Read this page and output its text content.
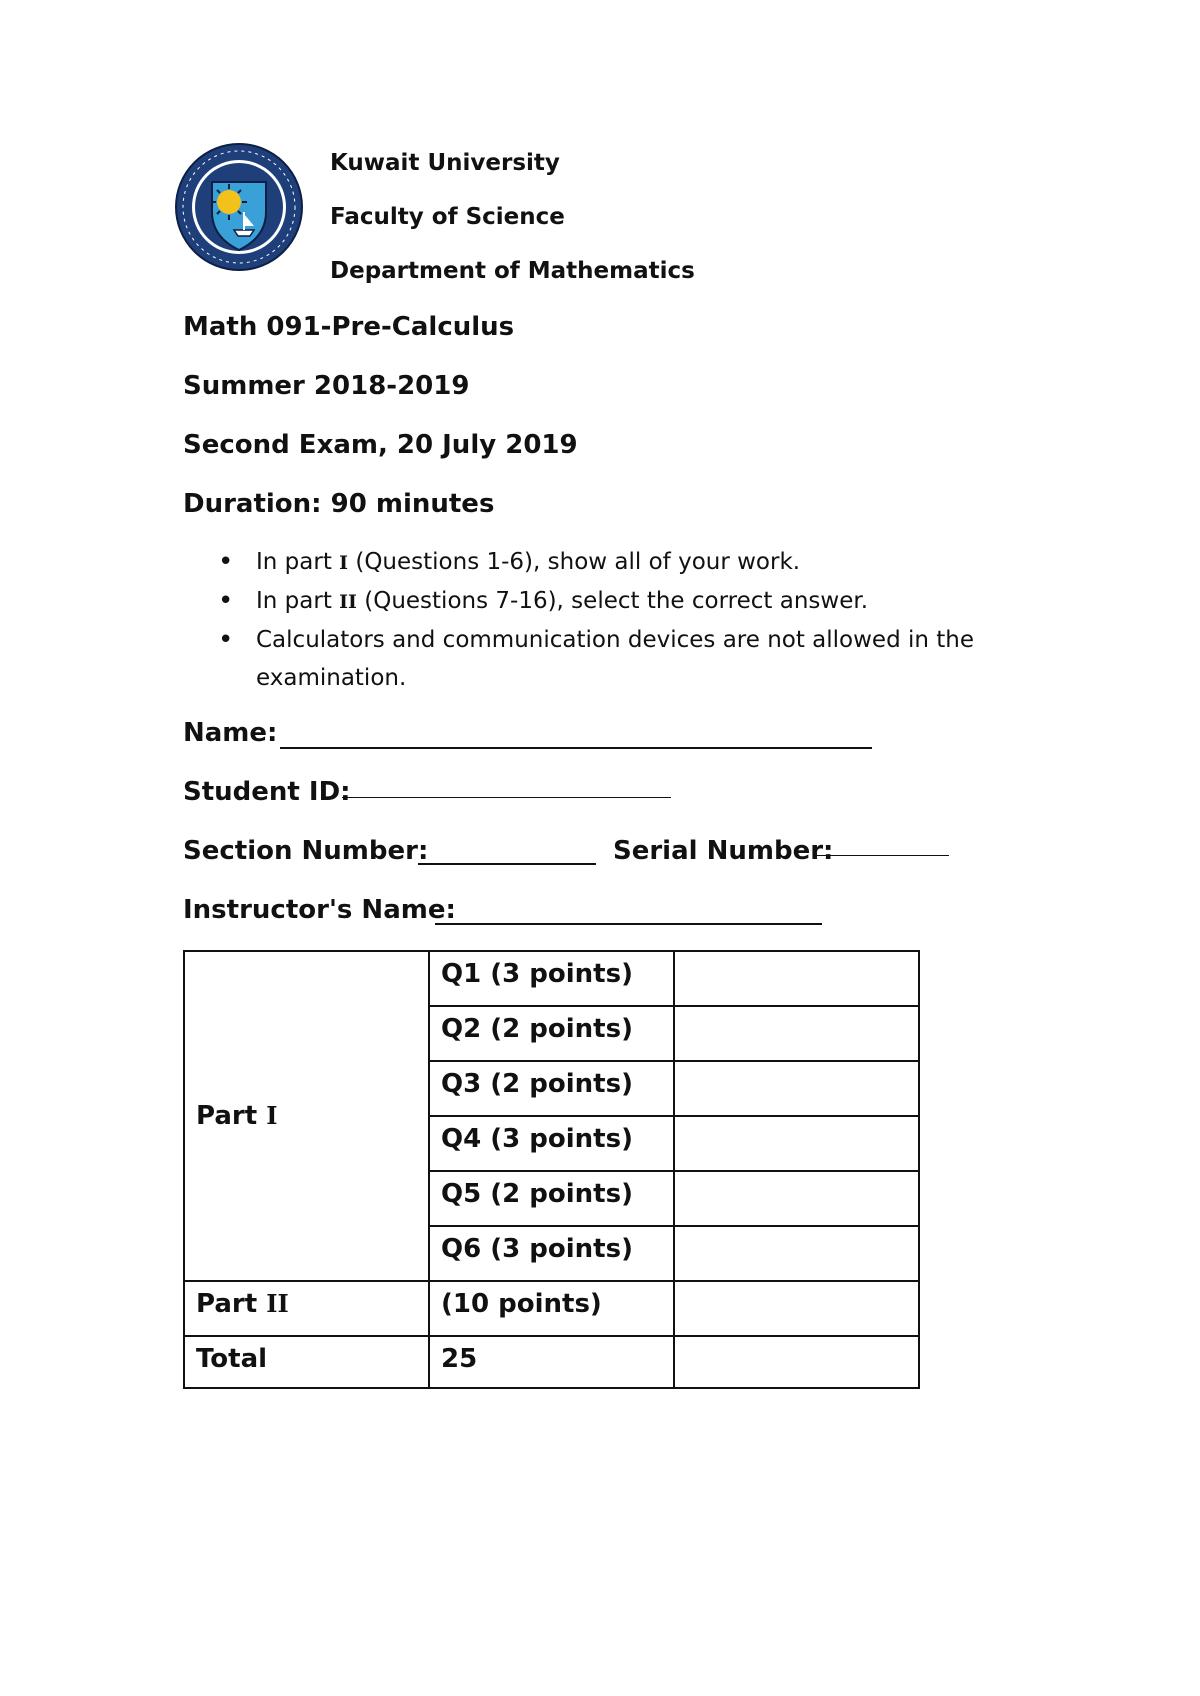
Kuwait University
Faculty of Science
Department of Mathematics
Math 091-Pre-Calculus
Summer 2018-2019
Second Exam, 20 July 2019
Duration: 90 minutes
• In part I (Questions 1-6), show all of your work.
• In part II (Questions 7-16), select the correct answer.
• Calculators and communication devices are not allowed in the examination.
Name:
Student ID:
Section Number:	Serial Number:
Instructor's Name:
Part I	Q1 (3 points)	
	Q2 (2 points)	
	Q3 (2 points)	
	Q4 (3 points)	
	Q5 (2 points)	
	Q6 (3 points)	
Part II	(10 points)	
Total	25	
